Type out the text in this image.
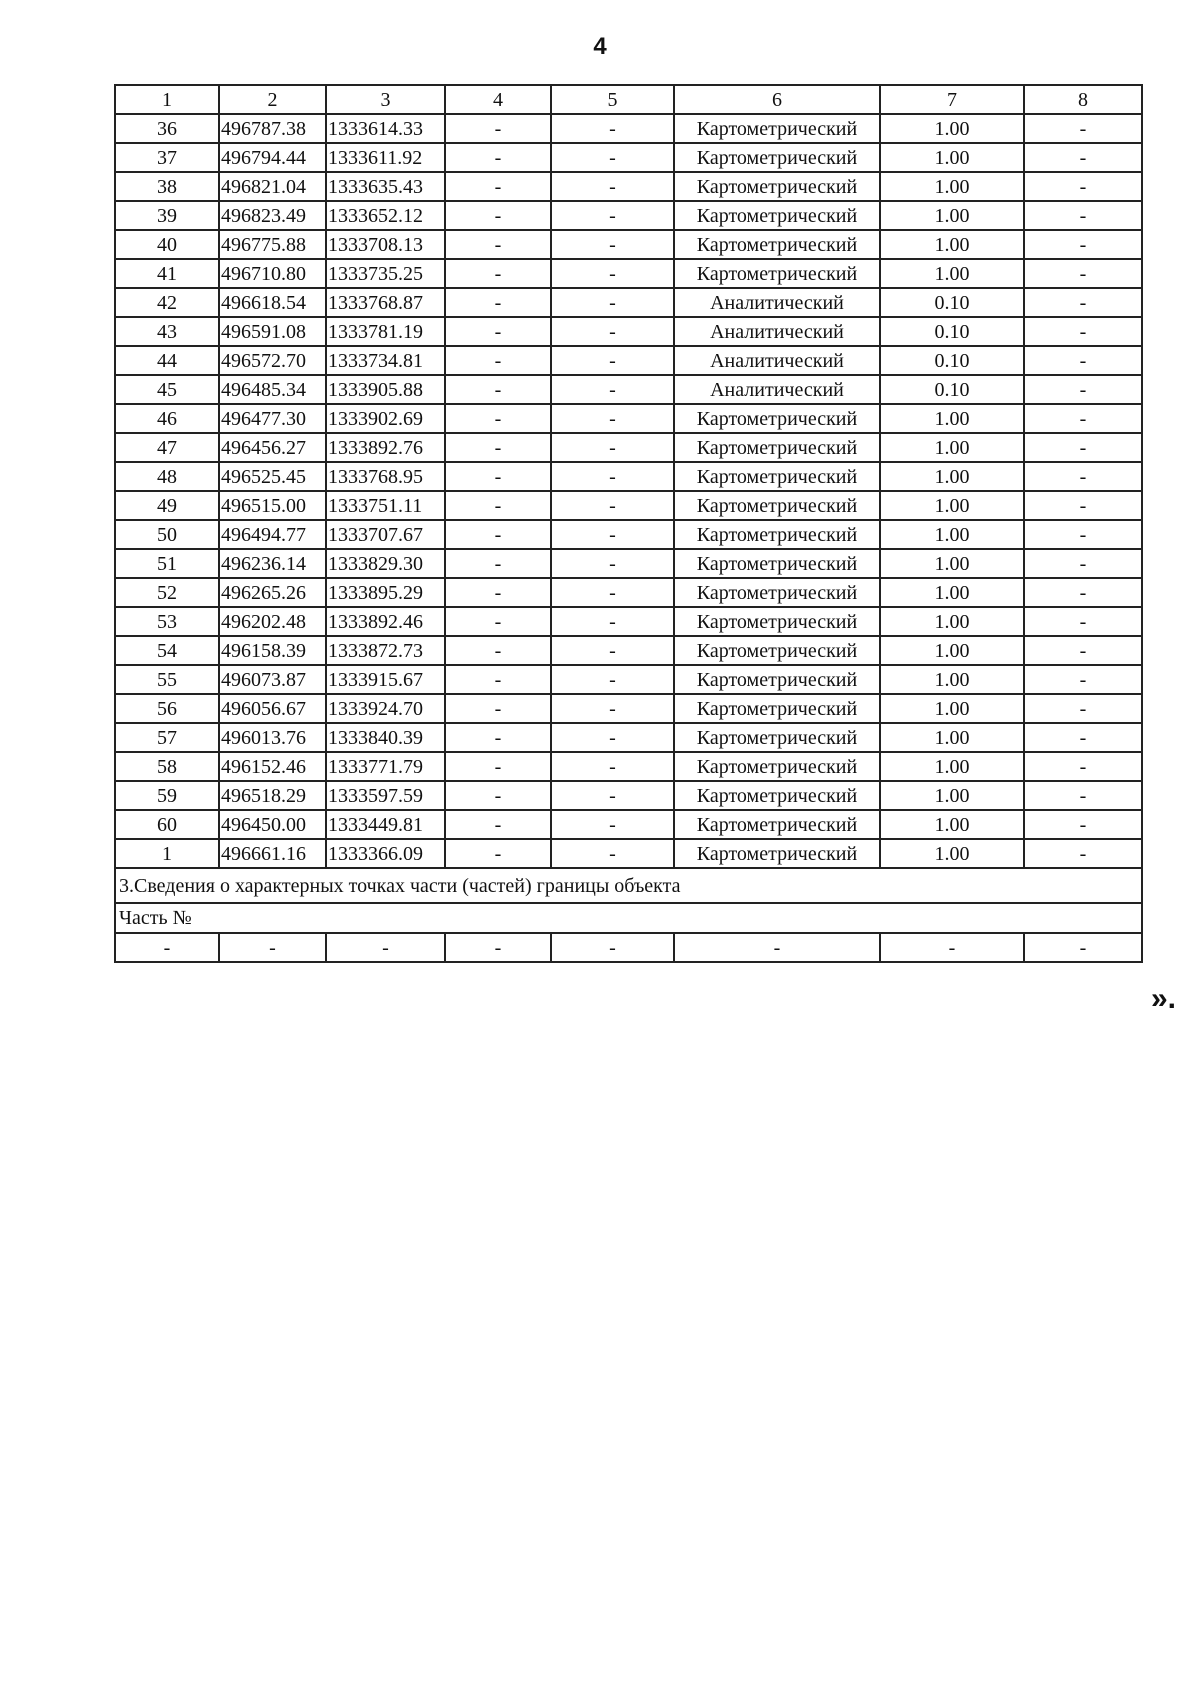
4
1	2	3	4	5	6	7	8
36	496787.38	1333614.33	-	-	Картометрический	1.00	-
37	496794.44	1333611.92	-	-	Картометрический	1.00	-
38	496821.04	1333635.43	-	-	Картометрический	1.00	-
39	496823.49	1333652.12	-	-	Картометрический	1.00	-
40	496775.88	1333708.13	-	-	Картометрический	1.00	-
41	496710.80	1333735.25	-	-	Картометрический	1.00	-
42	496618.54	1333768.87	-	-	Аналитический	0.10	-
43	496591.08	1333781.19	-	-	Аналитический	0.10	-
44	496572.70	1333734.81	-	-	Аналитический	0.10	-
45	496485.34	1333905.88	-	-	Аналитический	0.10	-
46	496477.30	1333902.69	-	-	Картометрический	1.00	-
47	496456.27	1333892.76	-	-	Картометрический	1.00	-
48	496525.45	1333768.95	-	-	Картометрический	1.00	-
49	496515.00	1333751.11	-	-	Картометрический	1.00	-
50	496494.77	1333707.67	-	-	Картометрический	1.00	-
51	496236.14	1333829.30	-	-	Картометрический	1.00	-
52	496265.26	1333895.29	-	-	Картометрический	1.00	-
53	496202.48	1333892.46	-	-	Картометрический	1.00	-
54	496158.39	1333872.73	-	-	Картометрический	1.00	-
55	496073.87	1333915.67	-	-	Картометрический	1.00	-
56	496056.67	1333924.70	-	-	Картометрический	1.00	-
57	496013.76	1333840.39	-	-	Картометрический	1.00	-
58	496152.46	1333771.79	-	-	Картометрический	1.00	-
59	496518.29	1333597.59	-	-	Картометрический	1.00	-
60	496450.00	1333449.81	-	-	Картометрический	1.00	-
1	496661.16	1333366.09	-	-	Картометрический	1.00	-
3.Сведения о характерных точках части (частей) границы объекта							
Часть №							
-	-	-	-	-	-	-	-
».
